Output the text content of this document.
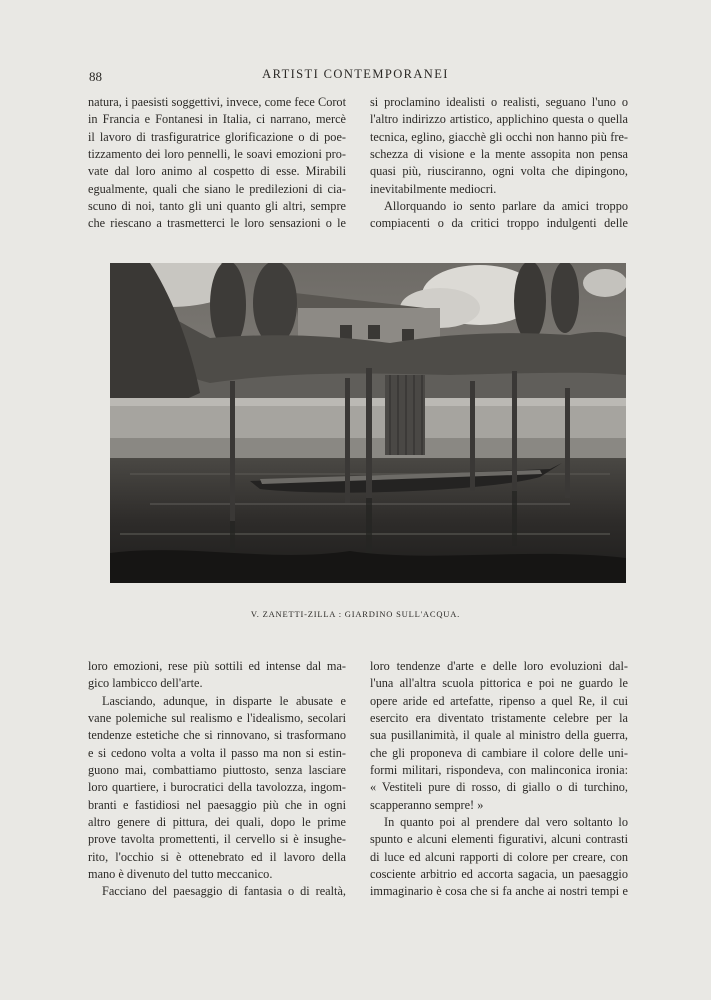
88	ARTISTI CONTEMPORANEI

natura, i paesisti soggettivi, invece, come fece Corot
in Francia e Fontanesi in Italia, ci narrano, mercè
il lavoro di trasfiguratrice glorificazione o di poe-
tizzamento dei loro pennelli, le soavi emozioni pro-
vate dal loro animo al cospetto di esse. Mirabili
egualmente, quali che siano le predilezioni di cia-
scuno di noi, tanto gli uni quanto gli altri, sempre
che riescano a trasmetterci le loro sensazioni o le

si proclamino idealisti o realisti, seguano l'uno o
l'altro indirizzo artistico, applichino questa o quella
tecnica, eglino, giacchè gli occhi non hanno più fre-
schezza di visione e la mente assopita non pensa
quasi più, riusciranno, ogni volta che dipingono,
inevitabilmente mediocri.

Allorquando io sento parlare da amici troppo
compiacenti o da critici troppo indulgenti delle

V. ZANETTI-ZILLA : GIARDINO SULL'ACQUA.

loro emozioni, rese più sottili ed intense dal ma-
gico lambicco dell'arte.

Lasciando, adunque, in disparte le abusate e
vane polemiche sul realismo e l'idealismo, secolari
tendenze estetiche che si rinnovano, si trasformano
e si cedono volta a volta il passo ma non si estin-
guono mai, combattiamo piuttosto, senza lasciare
loro quartiere, i burocratici della tavolozza, ingom-
branti e fastidiosi nel paesaggio più che in ogni
altro genere di pittura, dei quali, dopo le prime
prove tavolta promettenti, il cervello si è insughe-
rito, l'occhio si è ottenebrato ed il lavoro della
mano è divenuto del tutto meccanico.

Facciano del paesaggio di fantasia o di realtà,

loro tendenze d'arte e delle loro evoluzioni dal-
l'una all'altra scuola pittorica e poi ne guardo le
opere aride ed artefatte, ripenso a quel Re, il cui
esercito era diventato tristamente celebre per la
sua pusillanimità, il quale al ministro della guerra,
che gli proponeva di cambiare il colore delle uni-
formi militari, rispondeva, con malinconica ironia:
« Vestiteli pure di rosso, di giallo o di turchino,
scapperanno sempre! »

In quanto poi al prendere dal vero soltanto lo
spunto e alcuni elementi figurativi, alcuni contrasti
di luce ed alcuni rapporti di colore per creare, con
cosciente arbitrio ed accorta sagacia, un paesaggio
immaginario è cosa che si fa anche ai nostri tempi e
